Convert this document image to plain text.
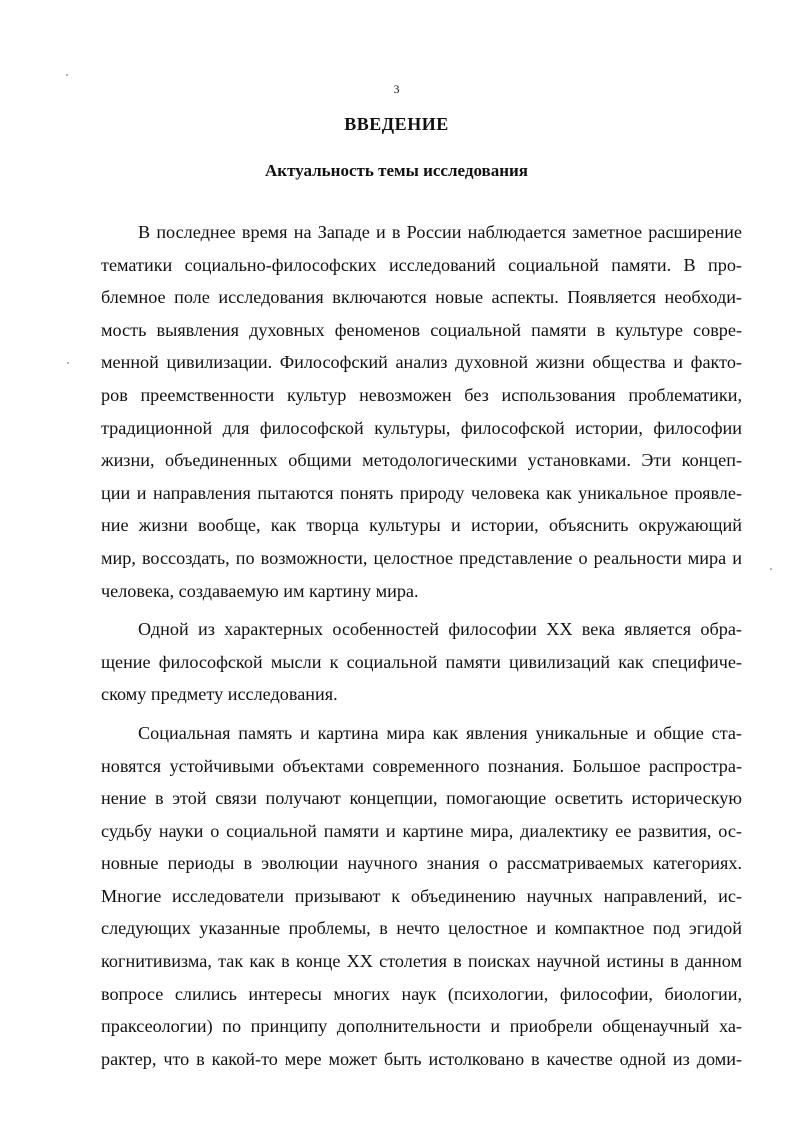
3
ВВЕДЕНИЕ
Актуальность темы исследования
В последнее время на Западе и в России наблюдается заметное расширение
тематики социально-философских исследований социальной памяти. В про-
блемное поле исследования включаются новые аспекты. Появляется необходи-
мость выявления духовных феноменов социальной памяти в культуре совре-
менной цивилизации. Философский анализ духовной жизни общества и факто-
ров преемственности культур невозможен без использования проблематики,
традиционной для философской культуры, философской истории, философии
жизни, объединенных общими методологическими установками. Эти концеп-
ции и направления пытаются понять природу человека как уникальное проявле-
ние жизни вообще, как творца культуры и истории, объяснить окружающий
мир, воссоздать, по возможности, целостное представление о реальности мира и
человека, создаваемую им картину мира.
Одной из характерных особенностей философии XX века является обра-
щение философской мысли к социальной памяти цивилизаций как специфиче-
скому предмету исследования.
Социальная память и картина мира как явления уникальные и общие ста-
новятся устойчивыми объектами современного познания. Большое распростра-
нение в этой связи получают концепции, помогающие осветить историческую
судьбу науки о социальной памяти и картине мира, диалектику ее развития, ос-
новные периоды в эволюции научного знания о рассматриваемых категориях.
Многие исследователи призывают к объединению научных направлений, ис-
следующих указанные проблемы, в нечто целостное и компактное под эгидой
когнитивизма, так как в конце XX столетия в поисках научной истины в данном
вопросе слились интересы многих наук (психологии, философии, биологии,
праксеологии) по принципу дополнительности и приобрели общенаучный ха-
рактер, что в какой-то мере может быть истолковано в качестве одной из доми-
